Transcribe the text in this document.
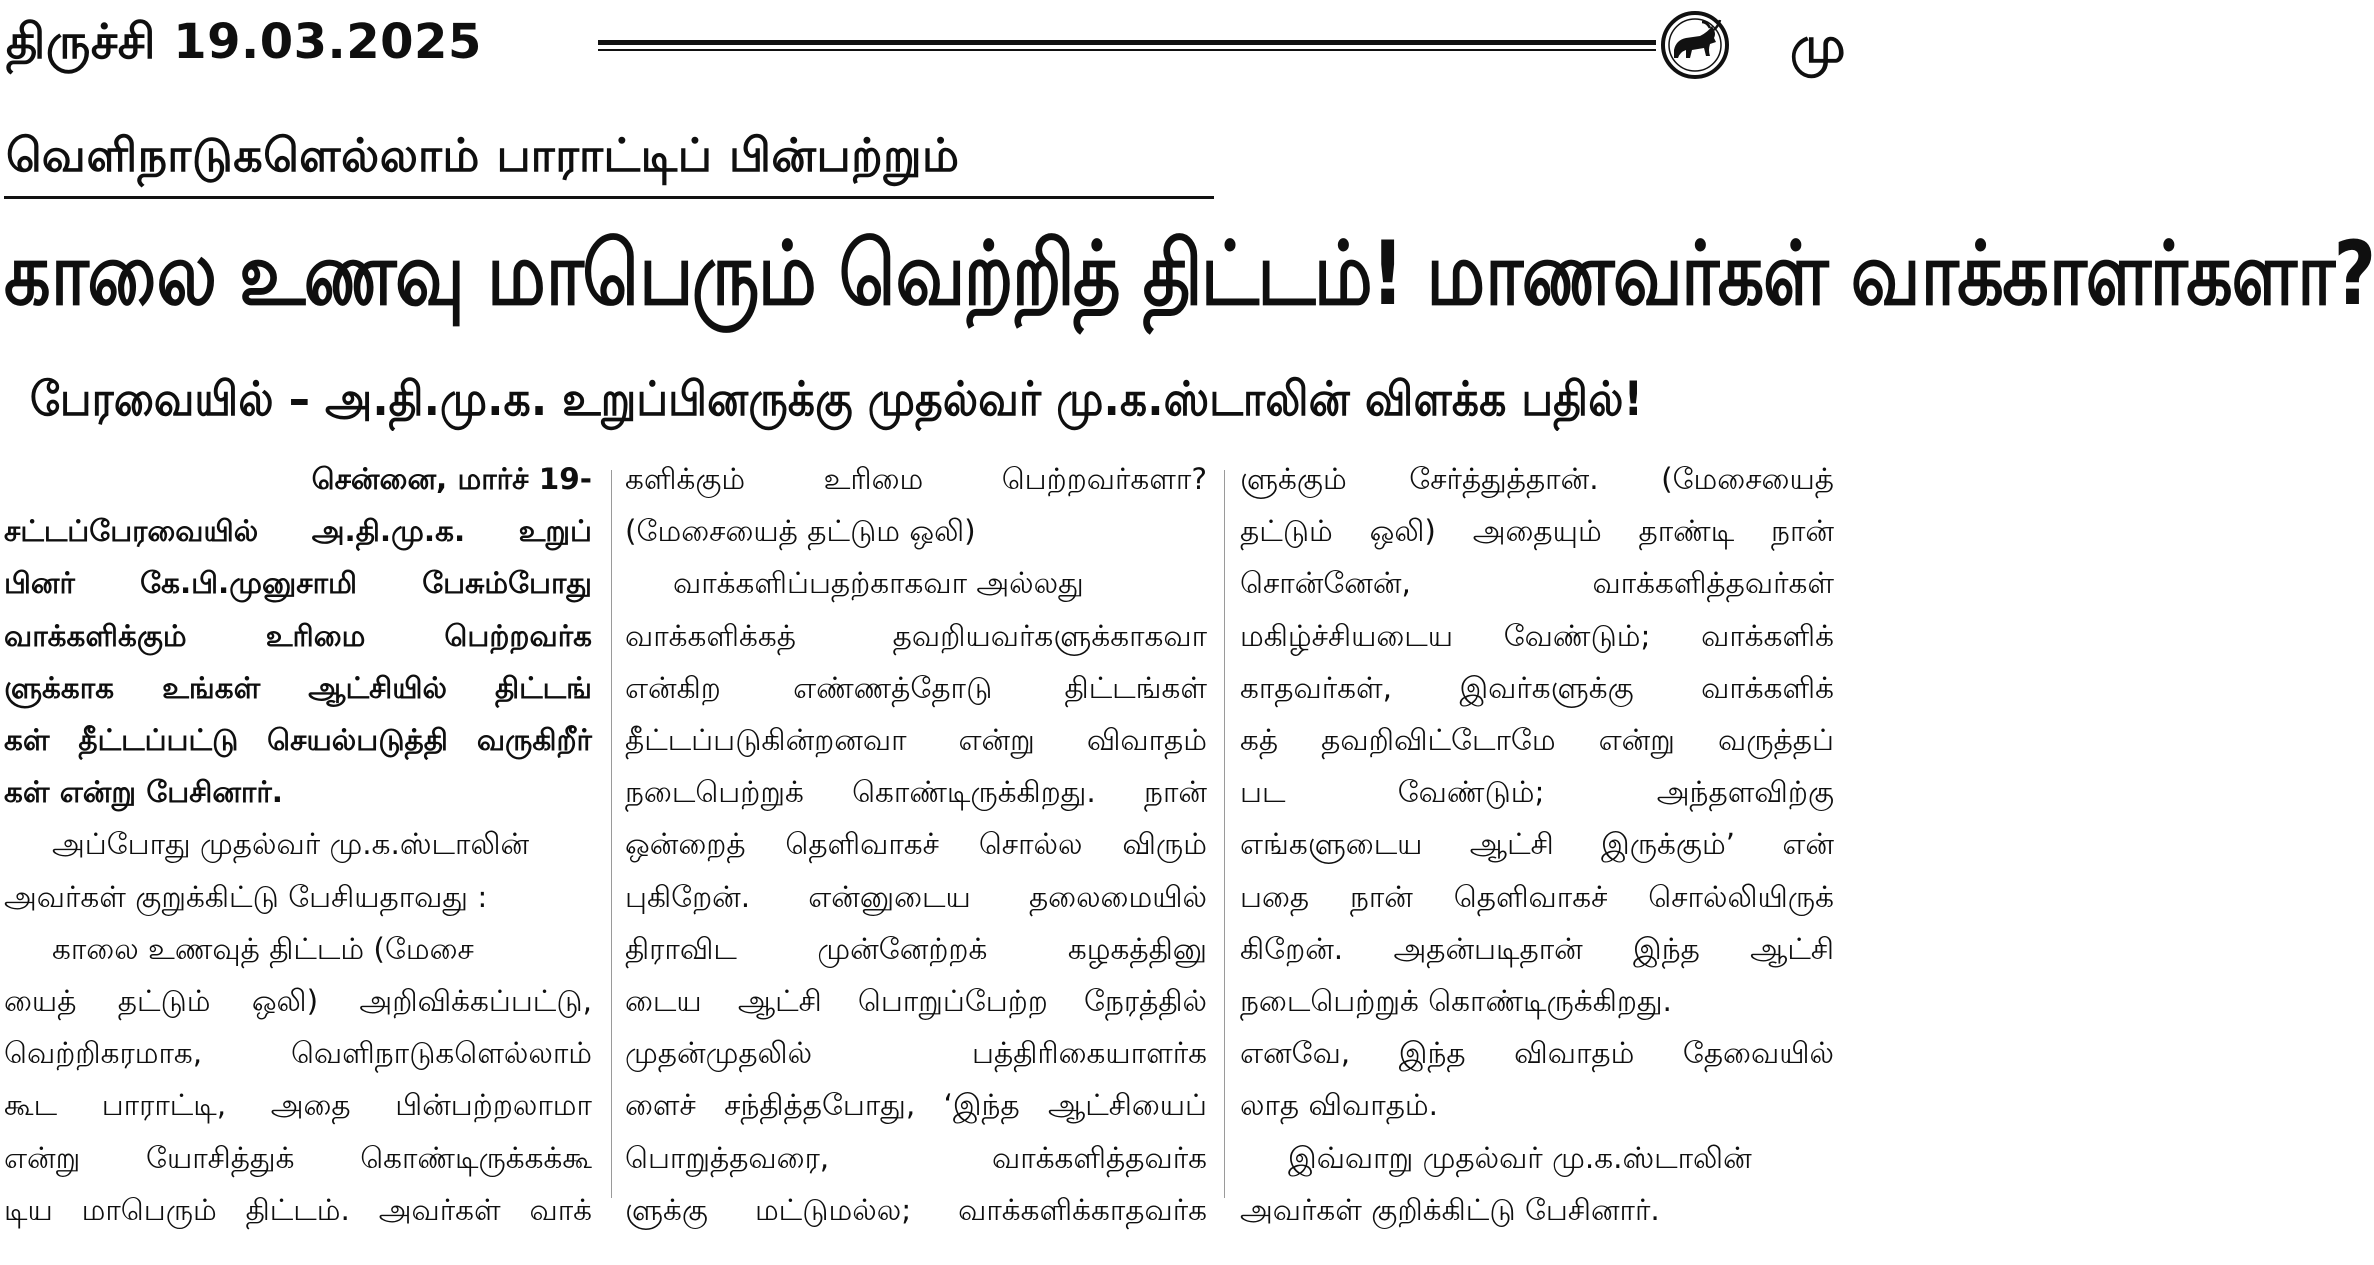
திருச்சி 19.03.2025	மு
வெளிநாடுகளெல்லாம் பாராட்டிப் பின்பற்றும்
காலை உணவு மாபெரும் வெற்றித் திட்டம்! மாணவர்கள் வாக்காளர்களா?
பேரவையில் – அ.தி.மு.க. உறுப்பினருக்கு முதல்வர் மு.க.ஸ்டாலின் விளக்க பதில்!
சென்னை, மார்ச் 19-
சட்டப்பேரவையில் அ.தி.மு.க. உறுப்
பினர் கே.பி.முனுசாமி பேசும்போது
வாக்களிக்கும்	உரிமை	பெற்றவர்க
ளுக்காக உங்கள் ஆட்சியில் திட்டங்
கள் தீட்டப்பட்டு செயல்படுத்தி வருகிறீர்
கள் என்று பேசினார்.
அப்போது முதல்வர் மு.க.ஸ்டாலின்
அவர்கள் குறுக்கிட்டு பேசியதாவது :
காலை உணவுத் திட்டம் (மேசை
யைத் தட்டும் ஒலி) அறிவிக்கப்பட்டு,
வெற்றிகரமாக,	வெளிநாடுகளெல்லாம்
கூட பாராட்டி, அதை பின்பற்றலாமா
என்று யோசித்துக் கொண்டிருக்கக்கூ
டிய மாபெரும் திட்டம். அவர்கள் வாக்
களிக்கும்	உரிமை	பெற்றவர்களா?
(மேசையைத் தட்டும ஒலி)
வாக்களிப்பதற்காகவா அல்லது
வாக்களிக்கத்	தவறியவர்களுக்காகவா
என்கிற எண்ணத்தோடு திட்டங்கள்
தீட்டப்படுகின்றனவா என்று விவாதம்
நடைபெற்றுக் கொண்டிருக்கிறது. நான்
ஒன்றைத் தெளிவாகச் சொல்ல விரும்
புகிறேன். என்னுடைய தலைமையில்
திராவிட	முன்னேற்றக்	கழகத்தினு
டைய ஆட்சி பொறுப்பேற்ற நேரத்தில்
முதன்முதலில்	பத்திரிகையாளர்க
ளைச் சந்தித்தபோது, ‘இந்த ஆட்சியைப்
பொறுத்தவரை,	வாக்களித்தவர்க
ளுக்கு மட்டுமல்ல; வாக்களிக்காதவர்க
ளுக்கும் சேர்த்துத்தான். (மேசையைத்
தட்டும் ஒலி) அதையும் தாண்டி நான்
சொன்னேன்,	வாக்களித்தவர்கள்
மகிழ்ச்சியடைய வேண்டும்; வாக்களிக்
காதவர்கள், இவர்களுக்கு வாக்களிக்
கத் தவறிவிட்டோமே என்று வருத்தப்
பட	வேண்டும்;	அந்தளவிற்கு
எங்களுடைய ஆட்சி இருக்கும்’ என்
பதை நான் தெளிவாகச் சொல்லியிருக்
கிறேன். அதன்படிதான் இந்த ஆட்சி
நடைபெற்றுக் கொண்டிருக்கிறது.
எனவே, இந்த விவாதம் தேவையில்
லாத விவாதம்.
இவ்வாறு முதல்வர் மு.க.ஸ்டாலின்
அவர்கள் குறிக்கிட்டு பேசினார்.
